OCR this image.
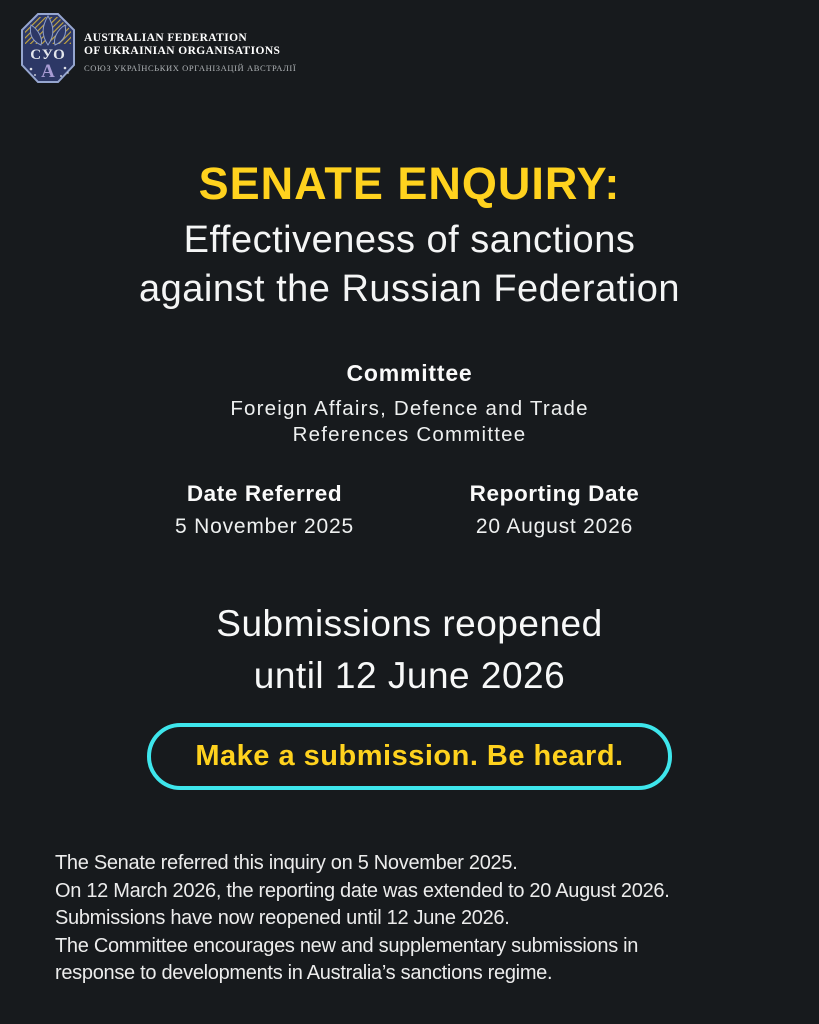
СУО
А
AUSTRALIAN FEDERATION
OF UKRAINIAN ORGANISATIONS
СОЮЗ УКРАЇНСЬКИХ ОРГАНІЗАЦІЙ АВСТРАЛІЇ
SENATE ENQUIRY:
Effectiveness of sanctions
against the Russian Federation
Committee
Foreign Affairs, Defence and Trade
References Committee
Date Referred
5 November 2025
Reporting Date
20 August 2026
Submissions reopened
until 12 June 2026
Make a submission. Be heard.
The Senate referred this inquiry on 5 November 2025.
On 12 March 2026, the reporting date was extended to 20 August 2026.
Submissions have now reopened until 12 June 2026.
The Committee encourages new and supplementary submissions in
response to developments in Australia’s sanctions regime.
